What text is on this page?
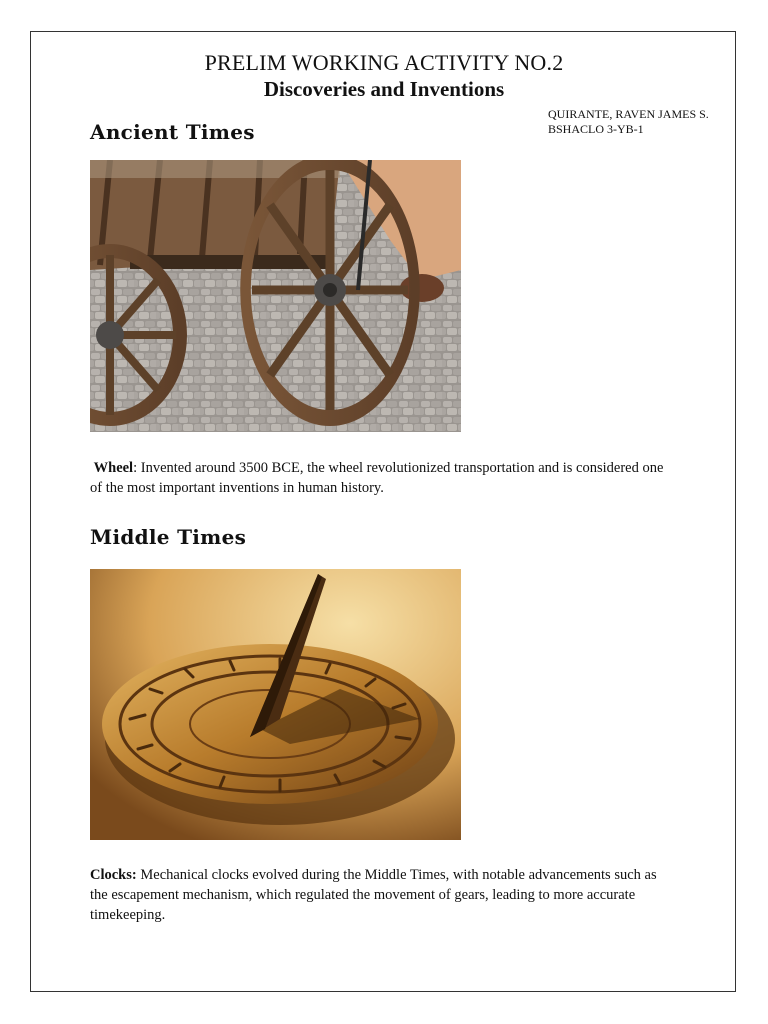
PRELIM WORKING ACTIVITY NO.2
Discoveries and Inventions
QUIRANTE, RAVEN JAMES S.
BSHACLO 3-YB-1
Ancient Times
Wheel: Invented around 3500 BCE, the wheel revolutionized transportation and is considered one of the most important inventions in human history.
Middle Times
Clocks: Mechanical clocks evolved during the Middle Times, with notable advancements such as the escapement mechanism, which regulated the movement of gears, leading to more accurate timekeeping.
